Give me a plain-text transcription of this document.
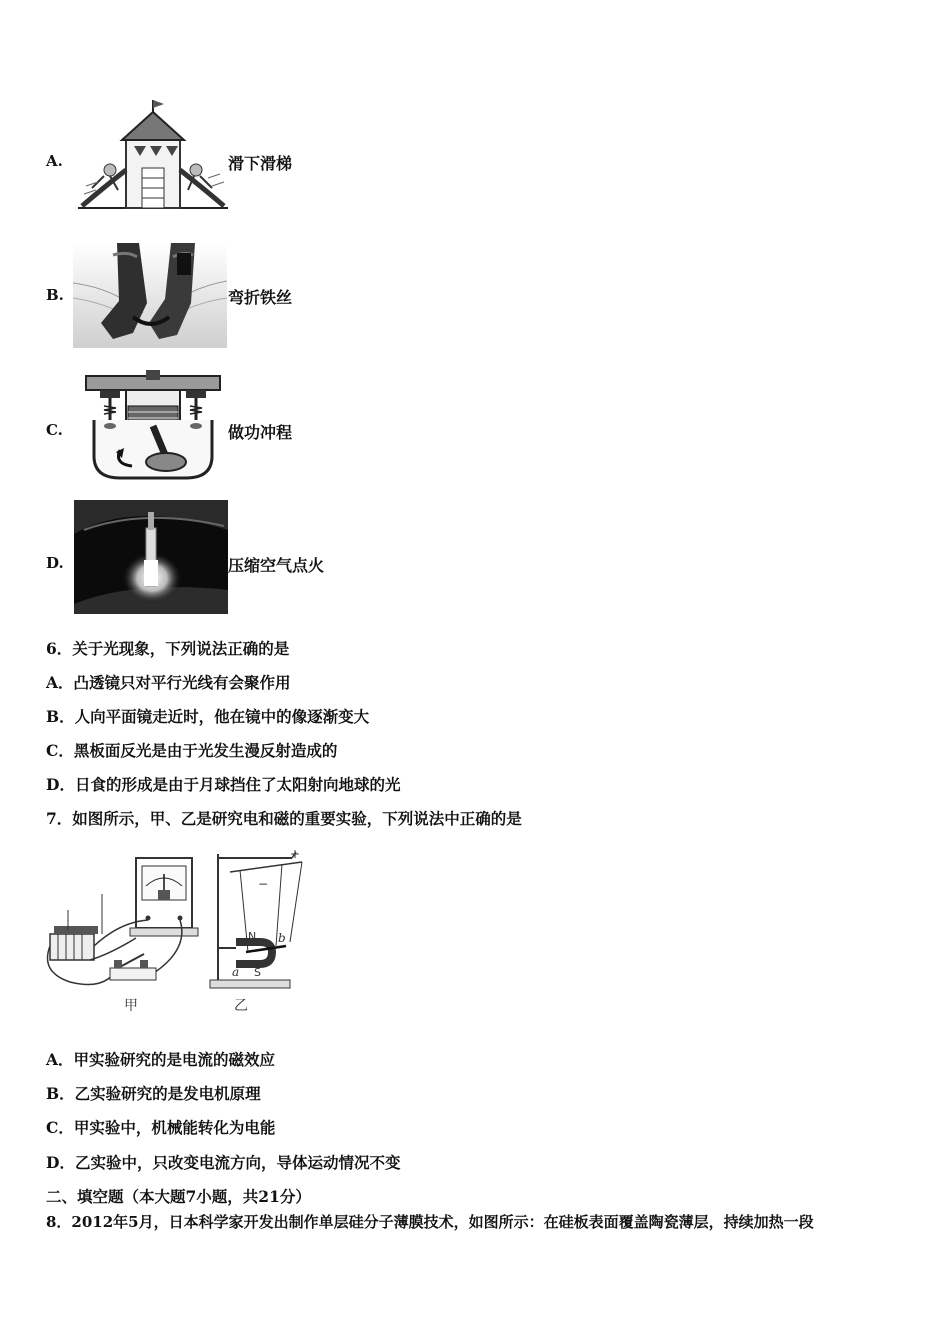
A.	滑下滑梯
B.	弯折铁丝
C.	做功冲程
D.	压缩空气点火
6．关于光现象，下列说法正确的是
A．凸透镜只对平行光线有会聚作用
B．人向平面镜走近时，他在镜中的像逐渐变大
C．黑板面反光是由于光发生漫反射造成的
D．日食的形成是由于月球挡住了太阳射向地球的光
7．如图所示，甲、乙是研究电和磁的重要实验，下列说法中正确的是
甲
+
−
N
S
a
b
乙
A．甲实验研究的是电流的磁效应
B．乙实验研究的是发电机原理
C．甲实验中，机械能转化为电能
D．乙实验中，只改变电流方向，导体运动情况不变
二、填空题（本大题7小题，共21分）
8．2012年5月，日本科学家开发出制作单层硅分子薄膜技术，如图所示：在硅板表面覆盖陶瓷薄层，持续加热一段
